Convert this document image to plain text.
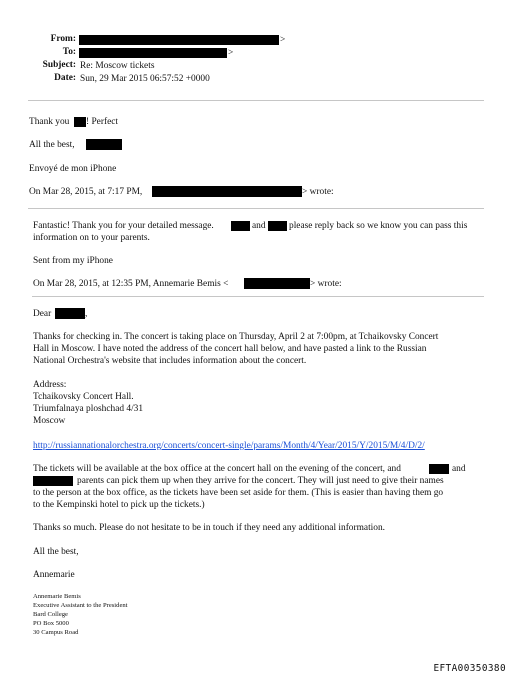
From:	>
To:	>
Subject: Re: Moscow tickets
Date: Sun, 29 Mar 2015 06:57:52 +0000
Thank you ! Perfect
All the best,
Envoyé de mon iPhone
On Mar 28, 2015, at 7:17 PM,	> wrote:
Fantastic! Thank you for your detailed message.	and please reply back so we know you can pass this
information on to your parents.
Sent from my iPhone
On Mar 28, 2015, at 12:35 PM, Annemarie Bemis <	> wrote:
Dear	,
Thanks for checking in. The concert is taking place on Thursday, April 2 at 7:00pm, at Tchaikovsky Concert
Hall in Moscow. I have noted the address of the concert hall below, and have pasted a link to the Russian
National Orchestra's website that includes information about the concert.
Address:
Tchaikovsky Concert Hall.
Triumfalnaya ploshchad 4/31
Moscow
http://russiannationalorchestra.org/concerts/concert-single/params/Month/4/Year/2015/Y/2015/M/4/D/2/
The tickets will be available at the box office at the concert hall on the evening of the concert, and	and
parents can pick them up when they arrive for the concert. They will just need to give their names
to the person at the box office, as the tickets have been set aside for them. (This is easier than having them go
to the Kempinski hotel to pick up the tickets.)
Thanks so much. Please do not hesitate to be in touch if they need any additional information.
All the best,
Annemarie
Annemarie Bemis
Executive Assistant to the President
Bard College
PO Box 5000
30 Campus Road
EFTA00350380
